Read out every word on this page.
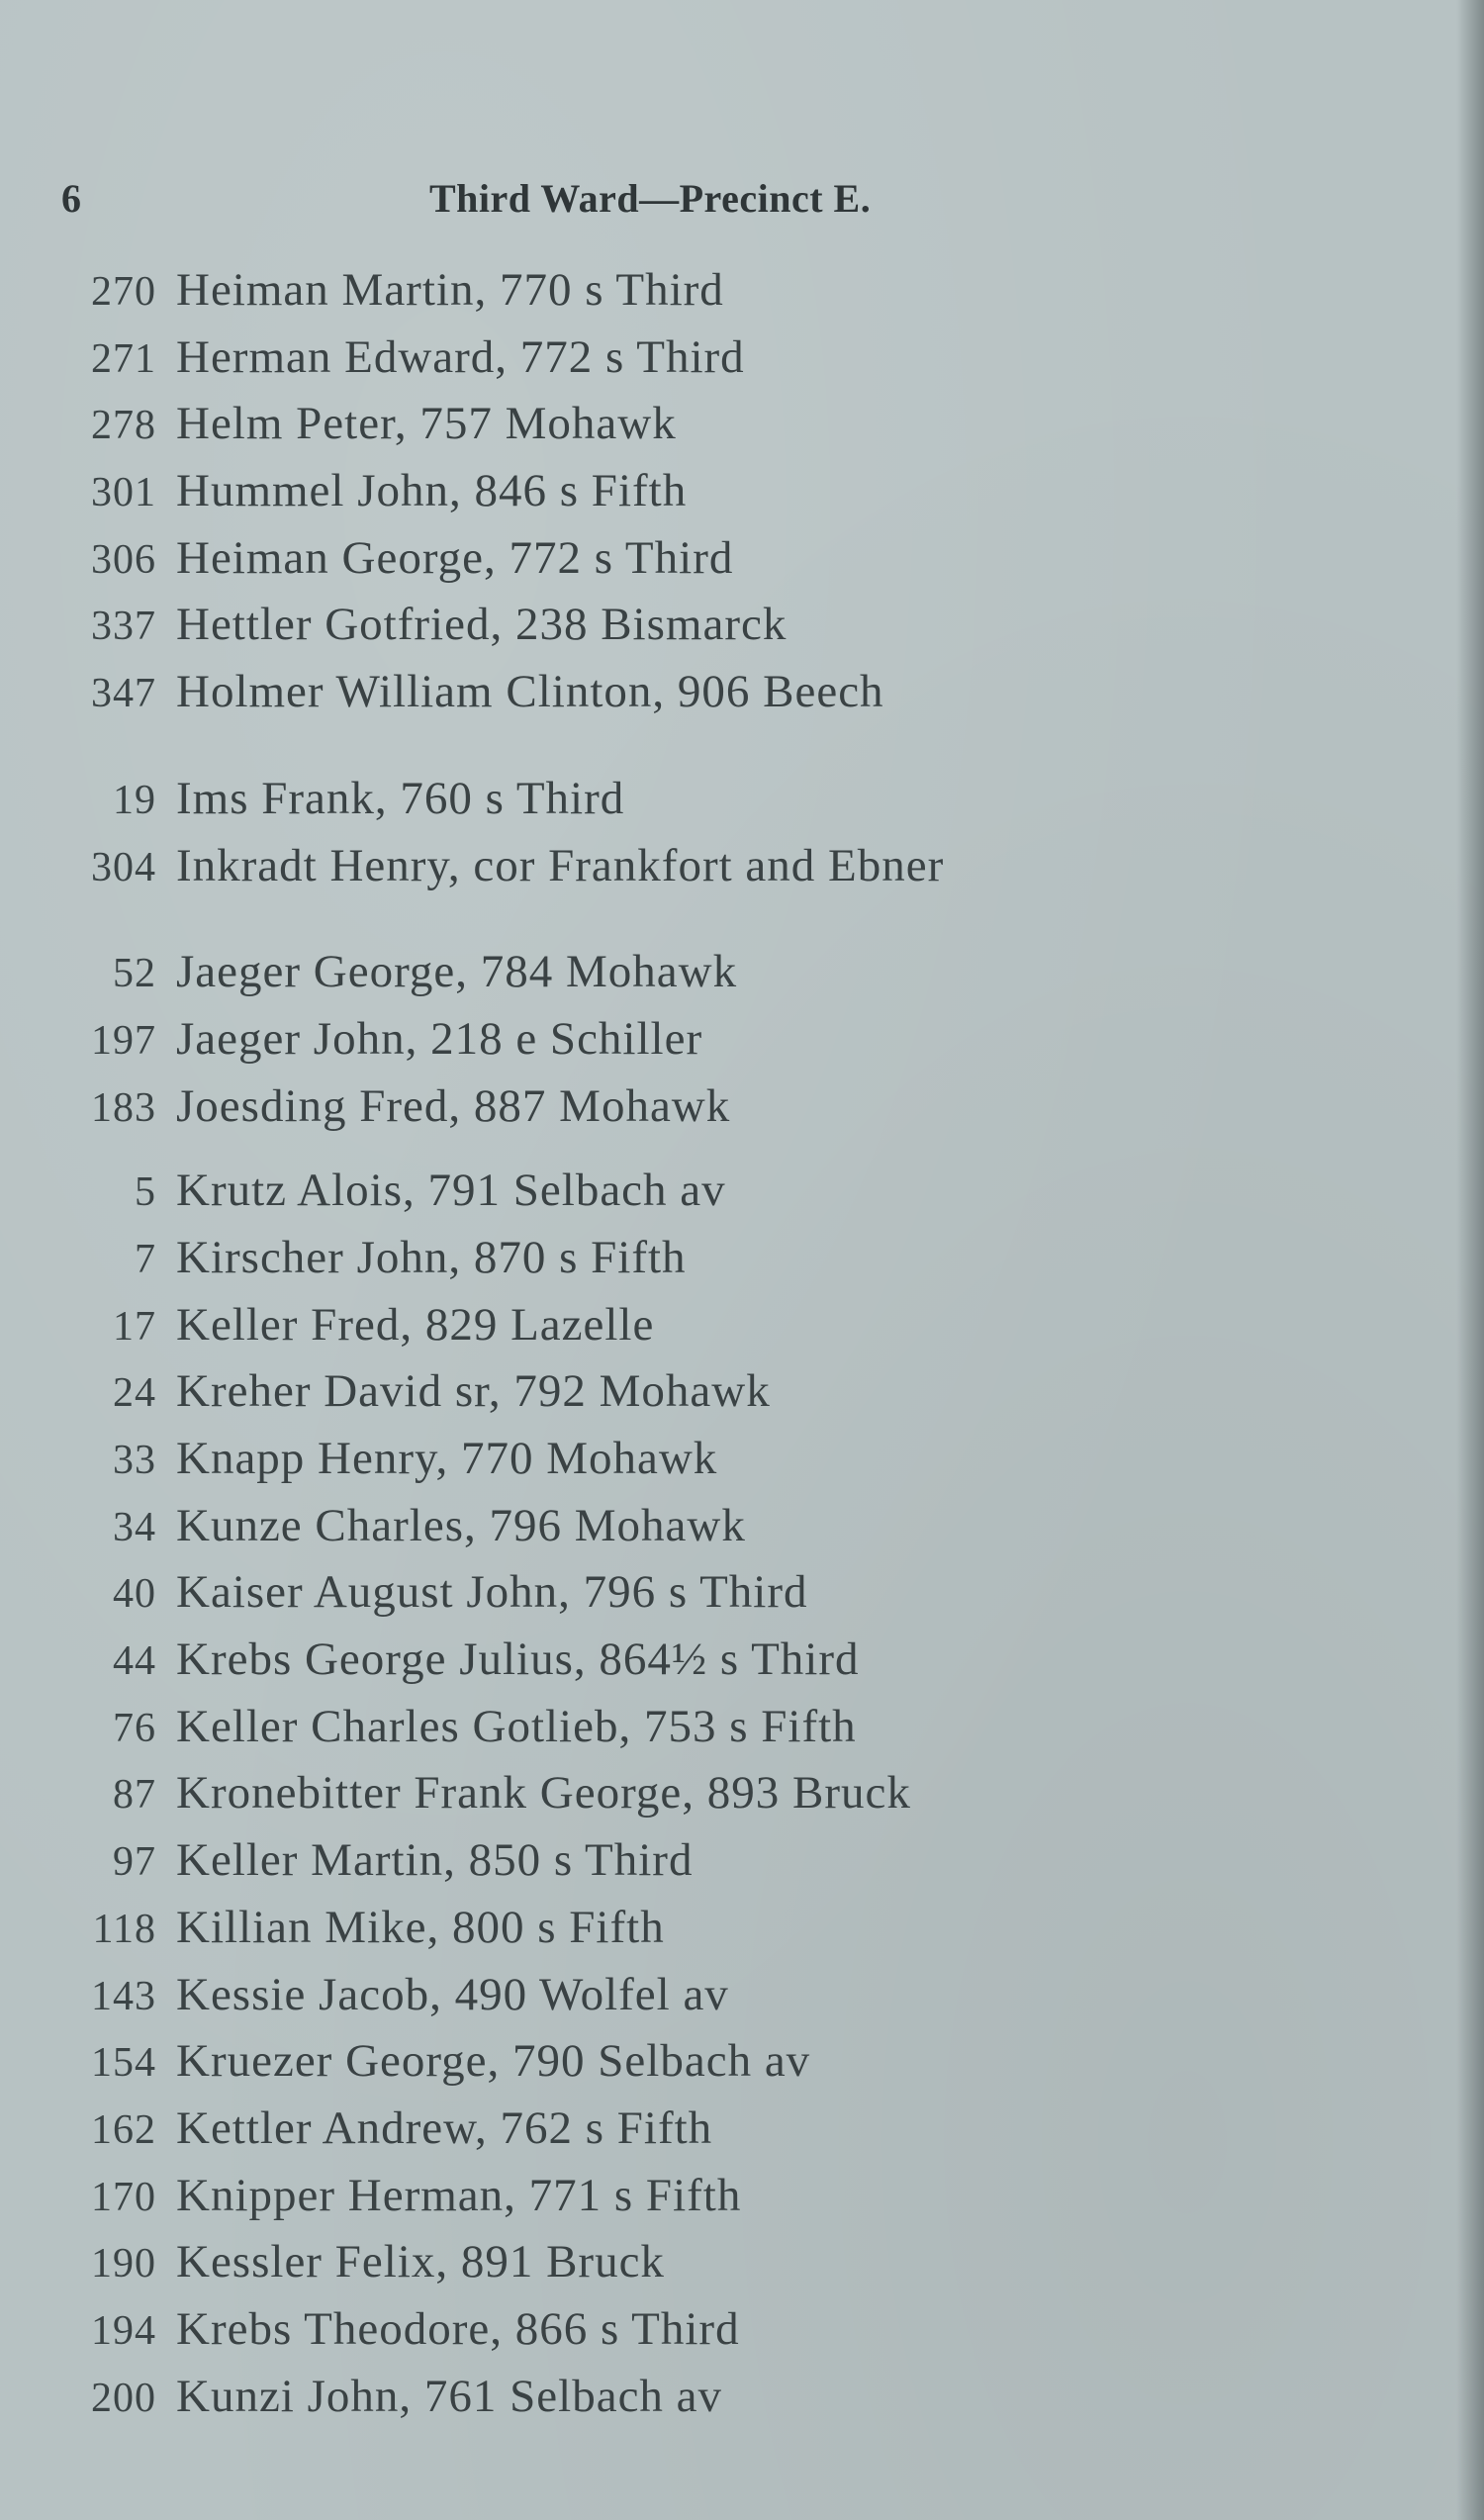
6	Third Ward—Precinct E.
270 Heiman Martin, 770 s Third
271 Herman Edward, 772 s Third
278 Helm Peter, 757 Mohawk
301 Hummel John, 846 s Fifth
306 Heiman George, 772 s Third
337 Hettler Gotfried, 238 Bismarck
347 Holmer William Clinton, 906 Beech
19 Ims Frank, 760 s Third
304 Inkradt Henry, cor Frankfort and Ebner
52 Jaeger George, 784 Mohawk
197 Jaeger John, 218 e Schiller
183 Joesding Fred, 887 Mohawk
5 Krutz Alois, 791 Selbach av
7 Kirscher John, 870 s Fifth
17 Keller Fred, 829 Lazelle
24 Kreher David sr, 792 Mohawk
33 Knapp Henry, 770 Mohawk
34 Kunze Charles, 796 Mohawk
40 Kaiser August John, 796 s Third
44 Krebs George Julius, 864½ s Third
76 Keller Charles Gotlieb, 753 s Fifth
87 Kronebitter Frank George, 893 Bruck
97 Keller Martin, 850 s Third
118 Killian Mike, 800 s Fifth
143 Kessie Jacob, 490 Wolfel av
154 Kruezer George, 790 Selbach av
162 Kettler Andrew, 762 s Fifth
170 Knipper Herman, 771 s Fifth
190 Kessler Felix, 891 Bruck
194 Krebs Theodore, 866 s Third
200 Kunzi John, 761 Selbach av
